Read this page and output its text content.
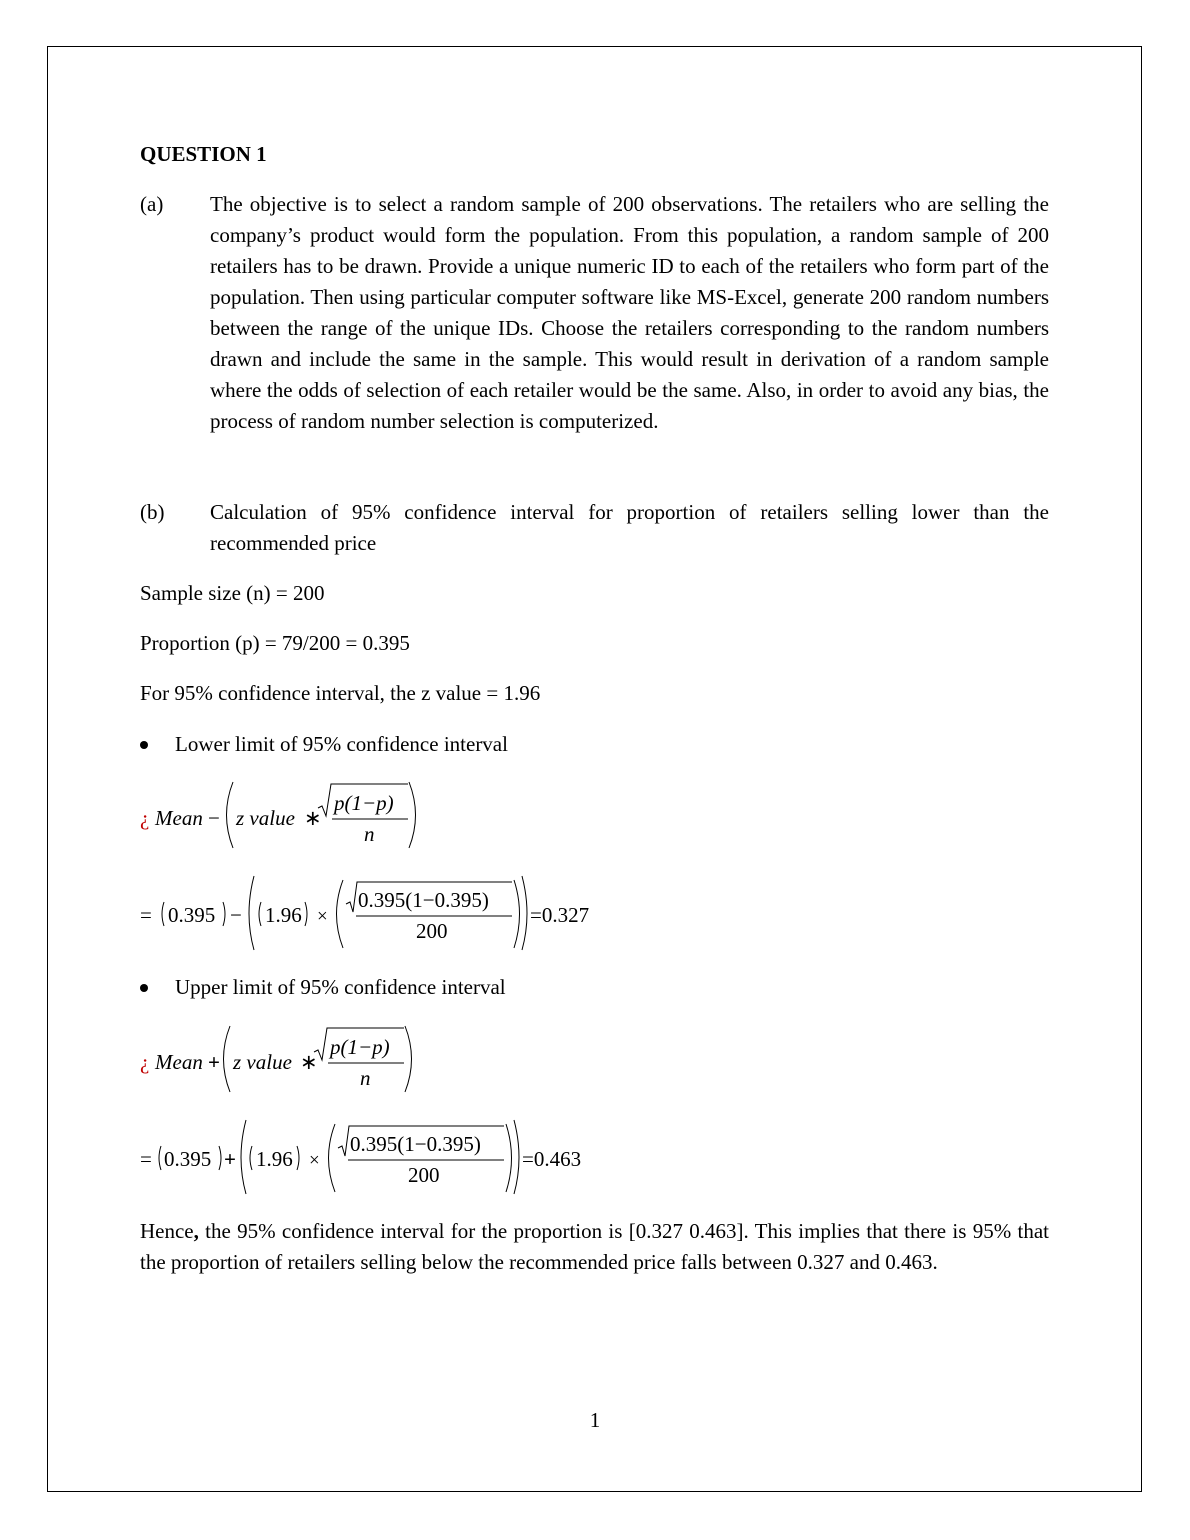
QUESTION 1
(a) The objective is to select a random sample of 200 observations. The retailers who are selling the company’s product would form the population. From this population, a random sample of 200 retailers has to be drawn. Provide a unique numeric ID to each of the retailers who form part of the population. Then using particular computer software like MS-Excel, generate 200 random numbers between the range of the unique IDs. Choose the retailers corresponding to the random numbers drawn and include the same in the sample. This would result in derivation of a random sample where the odds of selection of each retailer would be the same. Also, in order to avoid any bias, the process of random number selection is computerized.
(b) Calculation of 95% confidence interval for proportion of retailers selling lower than the recommended price
Sample size (n) = 200
Proportion (p) = 79/200 = 0.395
For 95% confidence interval, the z value = 1.96
Lower limit of 95% confidence interval
¿ Mean − z value ∗
p(1−p)
n
= 0.395 − 1.96 ×
0.395(1−0.395)
200
=0.327
Upper limit of 95% confidence interval
¿ Mean + z value ∗
p(1−p)
n
= 0.395 + 1.96 ×
0.395(1−0.395)
200
=0.463
Hence, the 95% confidence interval for the proportion is [0.327 0.463]. This implies that there is 95% that the proportion of retailers selling below the recommended price falls between 0.327 and 0.463.
1
